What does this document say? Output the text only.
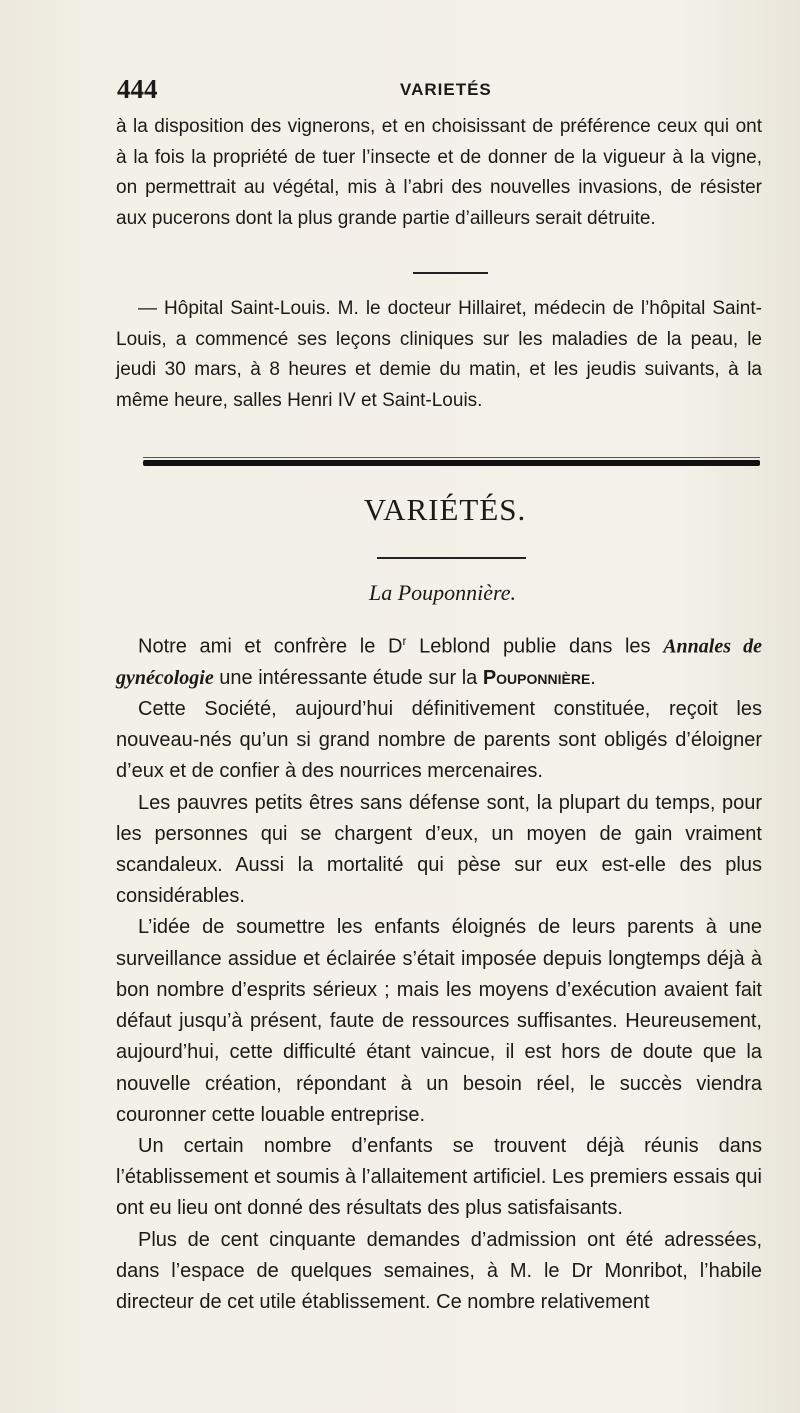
444	VARIETÉS

à la disposition des vignerons, et en choisissant de préférence ceux qui ont à la fois la propriété de tuer l’insecte et de donner de la vigueur à la vigne, on permettrait au végétal, mis à l’abri des nouvelles invasions, de résister aux pucerons dont la plus grande partie d’ailleurs serait détruite.

— Hôpital Saint-Louis. M. le docteur Hillairet, médecin de l’hôpital Saint-Louis, a commencé ses leçons cliniques sur les maladies de la peau, le jeudi 30 mars, à 8 heures et demie du matin, et les jeudis suivants, à la même heure, salles Henri IV et Saint-Louis.

VARIÉTÉS.
La Pouponnière.

Notre ami et confrère le $D^r$ Leblond publie dans les Annales de gynécologie une intéressante étude sur la Pouponnière.

Cette Société, aujourd’hui définitivement constituée, reçoit les nouveau-nés qu’un si grand nombre de parents sont obligés d’éloigner d’eux et de confier à des nourrices mercenaires.

Les pauvres petits êtres sans défense sont, la plupart du temps, pour les personnes qui se chargent d’eux, un moyen de gain vraiment scandaleux. Aussi la mortalité qui pèse sur eux est-elle des plus considérables.

L’idée de soumettre les enfants éloignés de leurs parents à une surveillance assidue et éclairée s’était imposée depuis longtemps déjà à bon nombre d’esprits sérieux ; mais les moyens d’exécution avaient fait défaut jusqu’à présent, faute de ressources suffisantes. Heureusement, aujourd’hui, cette difficulté étant vaincue, il est hors de doute que la nouvelle création, répondant à un besoin réel, le succès viendra couronner cette louable entreprise.

Un certain nombre d’enfants se trouvent déjà réunis dans l’établissement et soumis à l’allaitement artificiel. Les premiers essais qui ont eu lieu ont donné des résultats des plus satisfaisants.

Plus de cent cinquante demandes d’admission ont été adressées, dans l’espace de quelques semaines, à M. le Dr Monribot, l’habile directeur de cet utile établissement. Ce nombre relativement
